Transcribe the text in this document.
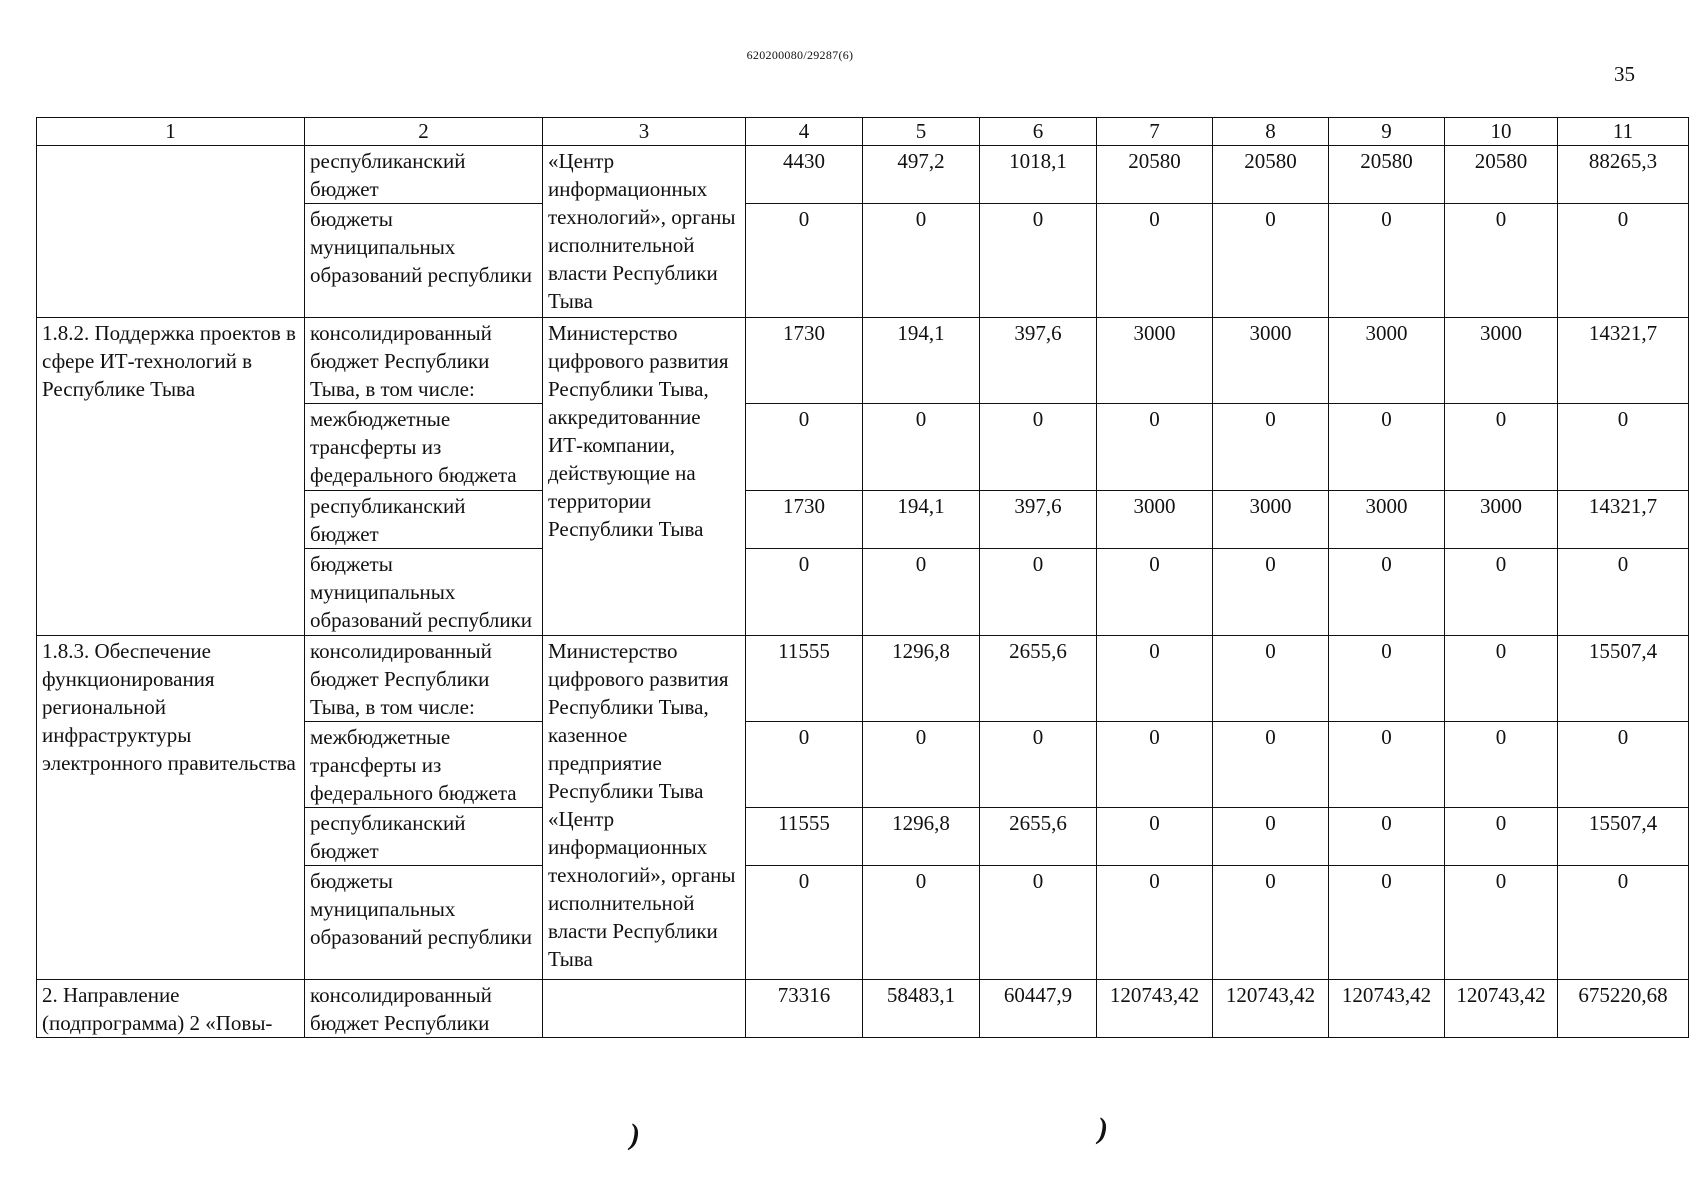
620200080/29287(6)
35
1	2	3	4	5	6	7	8	9	10	11
	республиканский бюджет	«Центр информационных технологий», органы исполнительной власти Республики Тыва	4430	497,2	1018,1	20580	20580	20580	20580	88265,3
	бюджеты муниципальных образований республики		0	0	0	0	0	0	0	0
1.8.2. Поддержка проектов в сфере ИТ-технологий в Республике Тыва	консолидированный бюджет Республики Тыва, в том числе:	Министерство цифрового развития Республики Тыва, аккредитованние ИТ-компании, действующие на территории Республики Тыва	1730	194,1	397,6	3000	3000	3000	3000	14321,7
	межбюджетные трансферты из федерального бюджета		0	0	0	0	0	0	0	0
	республиканский бюджет		1730	194,1	397,6	3000	3000	3000	3000	14321,7
	бюджеты муниципальных образований республики		0	0	0	0	0	0	0	0
1.8.3. Обеспечение функционирования региональной инфраструктуры электронного правительства	консолидированный бюджет Республики Тыва, в том числе:	Министерство цифрового развития Республики Тыва, казенное предприятие Республики Тыва «Центр информационных технологий», органы исполнительной власти Республики Тыва	11555	1296,8	2655,6	0	0	0	0	15507,4
	межбюджетные трансферты из федерального бюджета		0	0	0	0	0	0	0	0
	республиканский бюджет		11555	1296,8	2655,6	0	0	0	0	15507,4
	бюджеты муниципальных образований республики		0	0	0	0	0	0	0	0
2. Направление (подпрограмма) 2 «Повы-	консолидированный бюджет Республики		73316	58483,1	60447,9	120743,42	120743,42	120743,42	120743,42	675220,68
)	)
